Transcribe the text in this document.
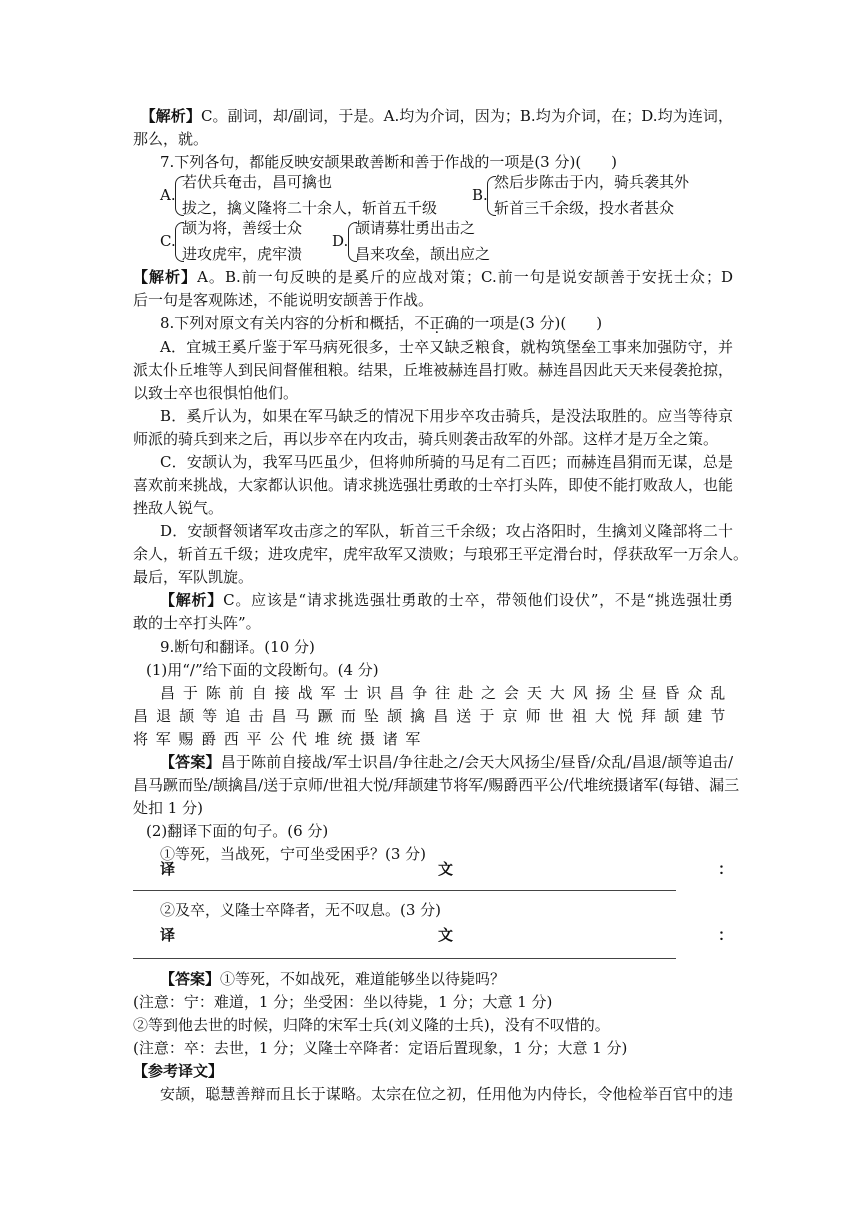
​　【解析】C。副词，却/副词，于是。A.均为介词，因为；B.均为介词，在；D.均为连词，
那么，就。
7.下列各句，都能反映安颉果敢善断和善于作战的一项是(3 分)(　　)
A.
若伏兵奄击，昌可擒也
拔之，擒义隆将二十余人，斩首五千级
B.
然后步陈击于内，骑兵袭其外
斩首三千余级，投水者甚众
C.
颉为将，善绥士众
进攻虎牢，虎牢溃
D.
颉请募壮勇出击之
昌来攻垒，颉出应之
【解析】A。B.前一句反映的是奚斤的应战对策；C.前一句是说安颉善于安抚士众；D
后一句是客观陈述，不能说明安颉善于作战。
8.下列对原文有关内容的分析和概括，不正确的一项是(3 分)(　　)
A．宜城王奚斤鉴于军马病死很多，士卒又缺乏粮食，就构筑堡垒工事来加强防守，并
派太仆丘堆等人到民间督催租粮。结果，丘堆被赫连昌打败。赫连昌因此天天来侵袭抢掠，
以致士卒也很惧怕他们。
B．奚斤认为，如果在军马缺乏的情况下用步卒攻击骑兵，是没法取胜的。应当等待京
师派的骑兵到来之后，再以步卒在内攻击，骑兵则袭击敌军的外部。这样才是万全之策。
C．安颉认为，我军马匹虽少，但将帅所骑的马足有二百匹；而赫连昌狷而无谋，总是
喜欢前来挑战，大家都认识他。请求挑选强壮勇敢的士卒打头阵，即使不能打败敌人，也能
挫敌人锐气。
D．安颉督领诸军攻击彦之的军队，斩首三千余级；攻占洛阳时，生擒刘义隆部将二十
余人，斩首五千级；进攻虎牢，虎牢敌军又溃败；与琅邪王平定滑台时，俘获敌军一万余人。
最后，军队凯旋。
【解析】C。应该是“请求挑选强壮勇敢的士卒，带领他们设伏”，不是“挑选强壮勇
敢的士卒打头阵”。
9.断句和翻译。(10 分)
(1)用“/”给下面的文段断句。(4 分)
昌于陈前自接战军士识昌争往赴之会天大风扬尘昼昏众乱
昌退颉等追击昌马蹶而坠颉擒昌送于京师世祖大悦拜颉建节
将军赐爵西平公代堆统摄诸军
【答案】昌于陈前自接战/军士识昌/争往赴之/会天大风扬尘/昼昏/众乱/昌退/颉等追击/
昌马蹶而坠/颉擒昌/送于京师/世祖大悦/拜颉建节将军/赐爵西平公/代堆统摄诸军(每错、漏三
处扣 1 分)
(2)翻译下面的句子。(6 分)
①等死，当战死，宁可坐受困乎？(3 分)
译	文	：
②及卒，义隆士卒降者，无不叹息。(3 分)
译	文	：
【答案】①等死，不如战死，难道能够坐以待毙吗？
(注意：宁：难道，1 分；坐受困：坐以待毙，1 分；大意 1 分)
②等到他去世的时候，归降的宋军士兵(刘义隆的士兵)，没有不叹惜的。
(注意：卒：去世，1 分；义隆士卒降者：定语后置现象，1 分；大意 1 分)
【参考译文】
安颉，聪慧善辩而且长于谋略。太宗在位之初，任用他为内侍长，令他检举百官中的违
